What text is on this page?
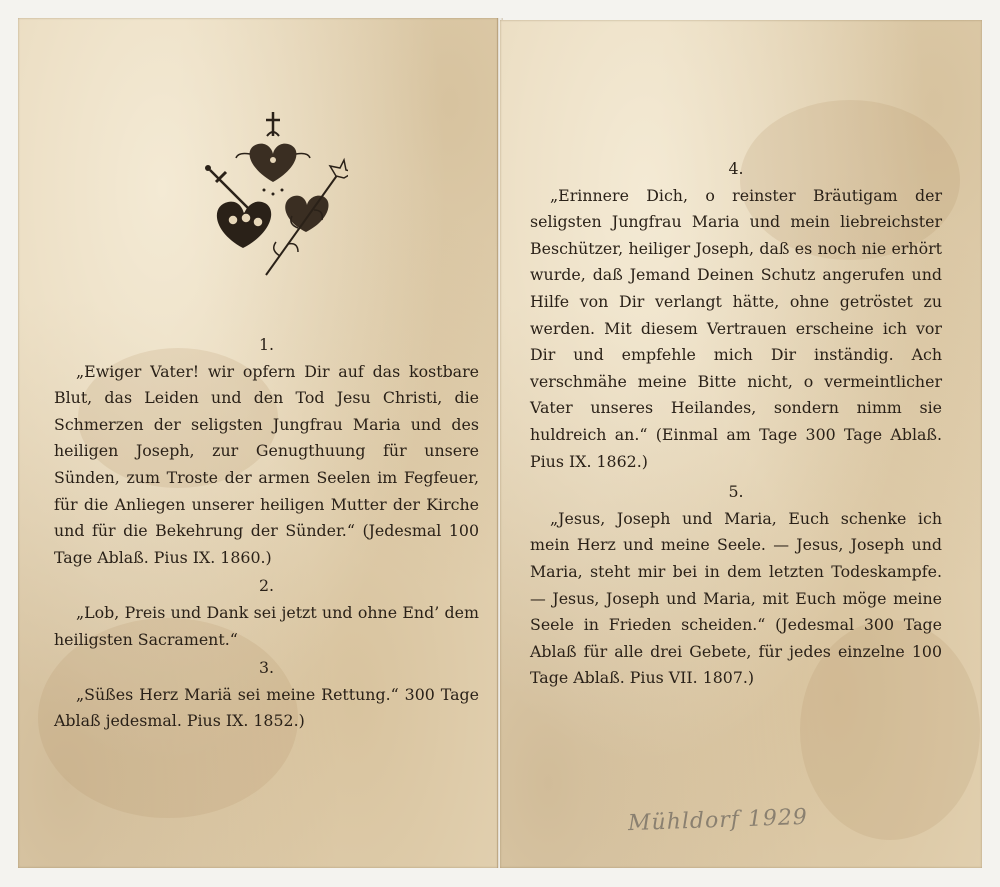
1.
„Ewiger Vater! wir opfern Dir auf das kostbare Blut, das Leiden und den Tod Jesu Christi, die Schmerzen der seligsten Jungfrau Maria und des heiligen Joseph, zur Genugthuung für unsere Sünden, zum Troste der armen Seelen im Fegfeuer, für die Anliegen unserer heiligen Mutter der Kirche und für die Bekehrung der Sünder.“ (Jedesmal 100 Tage Ablaß. Pius IX. 1860.)
2.
„Lob, Preis und Dank sei jetzt und ohne End’ dem heiligsten Sacrament.“
3.
„Süßes Herz Mariä sei meine Rettung.“ 300 Tage Ablaß jedesmal. Pius IX. 1852.)
4.
„Erinnere Dich, o reinster Bräutigam der seligsten Jungfrau Maria und mein liebreichster Beschützer, heiliger Joseph, daß es noch nie erhört wurde, daß Jemand Deinen Schutz angerufen und Hilfe von Dir verlangt hätte, ohne getröstet zu werden. Mit diesem Vertrauen erscheine ich vor Dir und empfehle mich Dir inständig. Ach verschmähe meine Bitte nicht, o vermeintlicher Vater unseres Heilandes, sondern nimm sie huldreich an.“ (Einmal am Tage 300 Tage Ablaß. Pius IX. 1862.)
5.
„Jesus, Joseph und Maria, Euch schenke ich mein Herz und meine Seele. — Jesus, Joseph und Maria, steht mir bei in dem letzten Todeskampfe. — Jesus, Joseph und Maria, mit Euch möge meine Seele in Frieden scheiden.“ (Jedesmal 300 Tage Ablaß für alle drei Gebete, für jedes einzelne 100 Tage Ablaß. Pius VII. 1807.)
Mühldorf 1929
